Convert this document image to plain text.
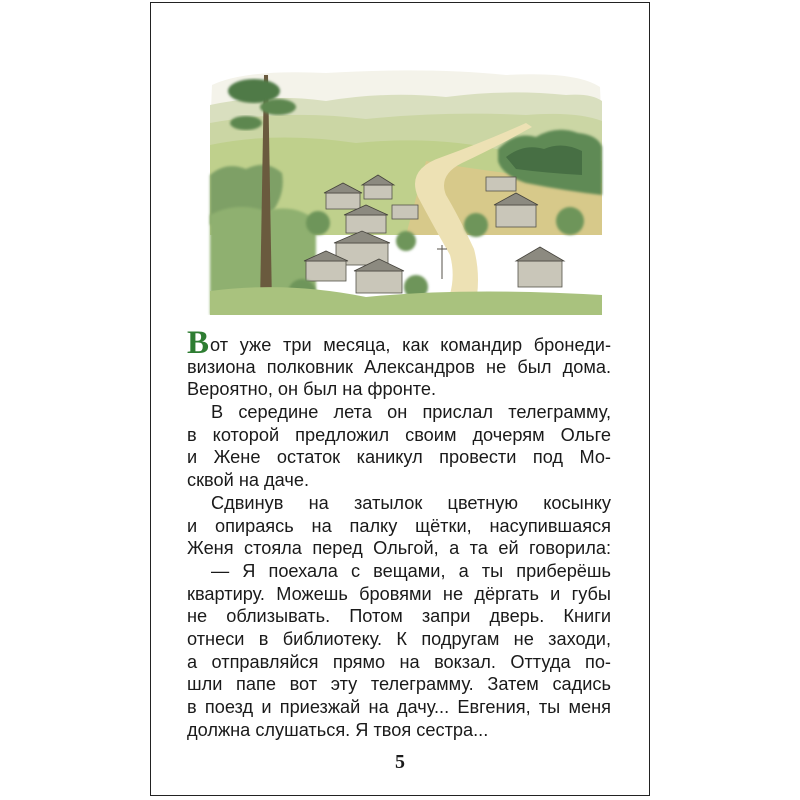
Вот уже три месяца, как командир бронеди-
визиона полковник Александров не был дома.
Вероятно, он был на фронте.
В середине лета он прислал телеграмму,
в которой предложил своим дочерям Ольге
и Жене остаток каникул провести под Мо-
сквой на даче.
Сдвинув на затылок цветную косынку
и опираясь на палку щётки, насупившаяся
Женя стояла перед Ольгой, а та ей говорила:
— Я поехала с вещами, а ты приберёшь
квартиру. Можешь бровями не дёргать и губы
не облизывать. Потом запри дверь. Книги
отнеси в библиотеку. К подругам не заходи,
а отправляйся прямо на вокзал. Оттуда по-
шли папе вот эту телеграмму. Затем садись
в поезд и приезжай на дачу... Евгения, ты меня
должна слушаться. Я твоя сестра...
5
